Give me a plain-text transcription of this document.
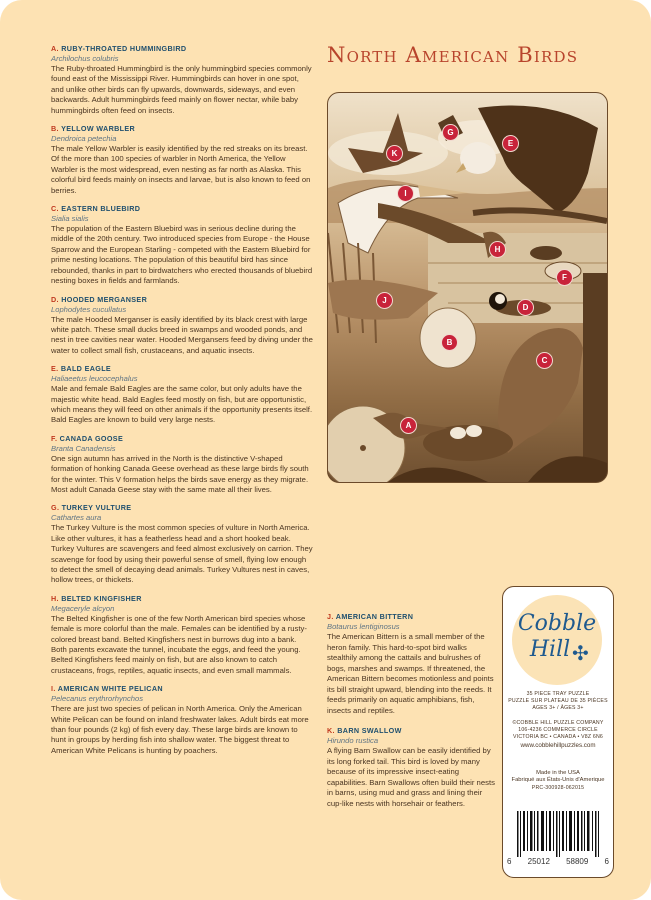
A. RUBY-THROATED HUMMINGBIRD
Archilochus colubris
The Ruby-throated Hummingbird is the only hummingbird species commonly found east of the Mississippi River. Hummingbirds can hover in one spot, and unlike other birds can fly upwards, downwards, sideways, and even backwards. Adult hummingbirds feed mainly on flower nectar, while baby hummingbirds often feed on insects.
B. YELLOW WARBLER
Dendroica petechia
The male Yellow Warbler is easily identified by the red streaks on its breast. Of the more than 100 species of warbler in North America, the Yellow Warbler is the most widespread, even nesting as far north as Alaska. This colorful bird feeds mainly on insects and larvae, but is also known to feed on berries.
C. EASTERN BLUEBIRD
Sialia sialis
The population of the Eastern Bluebird was in serious decline during the middle of the 20th century. Two introduced species from Europe - the House Sparrow and the European Starling - competed with the Eastern Bluebird for prime nesting locations. The population of this beautiful bird has since rebounded, thanks in part to birdwatchers who erected thousands of bluebird nesting boxes in fields and farmlands.
D. HOODED MERGANSER
Lophodytes cucullatus
The male Hooded Merganser is easily identified by its black crest with large white patch. These small ducks breed in swamps and wooded ponds, and nest in tree cavities near water. Hooded Mergansers feed by diving under the water to collect small fish, crustaceans, and aquatic insects.
E. BALD EAGLE
Haliaeetus leucocephalus
Male and female Bald Eagles are the same color, but only adults have the majestic white head. Bald Eagles feed mostly on fish, but are opportunistic, which means they will feed on other animals if the opportunity presents itself. Bald Eagles are known to build very large nests.
F. CANADA GOOSE
Branta Canadensis
One sign autumn has arrived in the North is the distinctive V-shaped formation of honking Canada Geese overhead as these large birds fly south for the winter. This V formation helps the birds save energy as they migrate. Most adult Canada Geese stay with the same mate all their lives.
G. TURKEY VULTURE
Cathartes aura
The Turkey Vulture is the most common species of vulture in North America. Like other vultures, it has a featherless head and a short hooked beak. Turkey Vultures are scavengers and feed almost exclusively on carrion. They scavenge for food by using their powerful sense of smell, flying low enough to detect the smell of decaying dead animals. Turkey Vultures nest in caves, hollow trees, or thickets.
H. BELTED KINGFISHER
Megaceryle alcyon
The Belted Kingfisher is one of the few North American bird species whose female is more colorful than the male. Females can be identified by a rusty-colored breast band. Belted Kingfishers nest in burrows dug into a bank. Both parents excavate the tunnel, incubate the eggs, and feed the young. Belted Kingfishers feed mainly on fish, but are also known to catch crustaceans, frogs, reptiles, aquatic insects, and even small mammals.
I. AMERICAN WHITE PELICAN
Pelecanus erythrorhynchos
There are just two species of pelican in North America. Only the American White Pelican can be found on inland freshwater lakes. Adult birds eat more than four pounds (2 kg) of fish every day. These large birds are known to hunt in groups by herding fish into shallow water. The biggest threat to American White Pelicans is hunting by poachers.
North American Birds
K
G
E
I
H
F
J
D
B
C
A
J. AMERICAN BITTERN
Botaurus lentiginosus
The American Bittern is a small member of the heron family. This hard-to-spot bird walks stealthily among the cattails and bulrushes of bogs, marshes and swamps. If threatened, the American Bittern becomes motionless and points its bill straight upward, blending into the reeds. It feeds primarily on aquatic amphibians, fish, insects and reptiles.
K. BARN SWALLOW
Hirundo rustica
A flying Barn Swallow can be easily identified by its long forked tail. This bird is loved by many because of its impressive insect-eating capabilities. Barn Swallows often build their nests in barns, using mud and grass and lining their cup-like nests with horsehair or feathers.
Cobble
Hill ✣
35 PIECE TRAY PUZZLE
PUZZLE SUR PLATEAU DE 35 PIÈCES
AGES 3+ / ÂGES 3+
©COBBLE HILL PUZZLE COMPANY
106-4236 COMMERCE CIRCLE
VICTORIA BC • CANADA • V8Z 6N6
www.cobblehillpuzzles.com
Made in the USA
Fabriqué aux États-Unis d'Amerique
PRC-300928-062015
6 25012 58809 6
